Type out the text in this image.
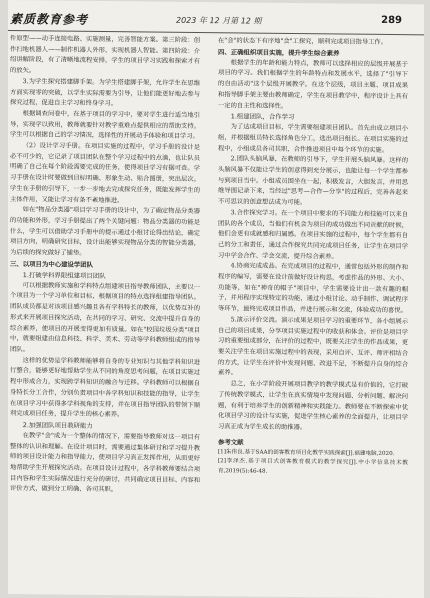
素质教育参考	2023 年 12 月第 12 期	289

件原型——动手连接电路、实施测量，完善智能方案。第三阶段：创作扫地机器人——制作机器人外形，实现机器人智能。第四阶段：介绍讲解阶段，有了清晰地流程安排，学生的项目学习实践和探索才有的放矢。

3.为学生探究搭建脚手架。为学生搭建脚手架，允许学生在思维方面实现零的突破，以学生实际需要为引导，让他们能更好地去参与探究过程，促进自主学习和终身学习。

根据调查问卷中，在基于项目的学习中，要对学生进行适当地引导，实现学以致用，教师就要针对教学重难点提供相应的帮助支持。学生可以根据自己的学习情况，选择性的开展动手体验和项目学习。

（2）设计学习手册。在项目实施的过程中，学习手册的设计是必不可少的，它记录了项目团队在整个学习过程中的点滴，也让队员明确了自己在每个阶段需要完成的任务，使得项目学习有据可查。学习手册在设计时要做到目标明确、形象生动、贴合图册，突出层次。学生在手册的引导下，一步一步地去完成探究任务，既能发挥学生的主体作用，又能让学习有条不紊地推进。

如在"物品分类器"项目学习手册的设计中，为了确定物品分类器的功能和外形，学习手册提出了两个关键问题：物品分类器的功能是什么，学生可以借助学习手册中的提示通过小组讨论得出结论，确定项目方向，明确研究目标，设计出能够实现物品分类的智能分类器，为后续的探究做好了铺垫。

三、以项目为中心建设学团队
1.打破学科界限组建项目团队

可以根据教师实施和学科特点组建项目指导教师团队，主要以一个项目为一个学习单位和目标，根据项目的特点选择组建指导团队。团队成员都是对该项目感兴趣且各有学科特长的教师，以优势互补的形式来开展项目探究活动，在共同的学习、研究、交流中提升自身的综合素养，使项目的开展变得更加有质量。如在"校园垃圾分类"项目中，就要组建由信息科技、科学、美术、劳动等学科教师组成的指导团队。

这样的优势是学科教师能够将自身的专业知识与其他学科知识进行整合，能够更好地帮助学生从不同的角度思考问题，在项目实施过程中形成合力，实现跨学科知识的融合与迁移。学科教师可以根据自身特长分工合作，分别负责项目中各学科知识和技能的指导，让学生在项目学习中获得多学科视角的支持，并在项目指导团队的带领下顺利完成项目任务，提升学生的核心素养。

2.加强团队项目教研能力

在教学"会"成为一个整体的情况下，需要指导教师对这一项目有整体的认识和理解。在设计项目时，需要通过集体研讨和学习提升教师的项目设计能力和指导能力，使项目学习真正发挥作用，从而更好地帮助学生开展探究活动。在项目设计过程中，各学科教师要结合项目内容和学生实际情况进行充分的研讨，共同确定项目目标、内容和评价方式，做到分工明确、各司其职。

在"会"的状态下有序地"会"工探究，顺利完成项目指导工作。

四、正确组织项目实施，提升学生综合素养

根据学生的年龄和能力特点，教师可以选择相应的层级开展基于项目的学习。我们根据学生的年龄特点和发展水平，选择了"引导下的自由活动"这个层级开展教学。在这个层级，项目主题、项目成果和指导脚手架主要由教师确定，学生在项目教学中，程序设计上具有一定的自主性和选择性。

1.组建团队，合作学习

为了达成项目目标，学生需要组建项目团队。首先由成立项目小组，并根据组员特长选择角色分工，选出项目组长。在项目实施的过程中，小组成员各司其职，合作推进项目中每个环节的实施。

2.团队头脑风暴，在教师的引导下，学生开展头脑风暴。这样的头脑风暴不仅能让学生的创意得到充分展示，也能让每一个学生都参与到项目当中。小组成员围坐在一起，积极发言，大胆发言，并用思维导图记录下来，当经过"思考—合作—分享"的过程后，完善各起来不可思议的创意想法成为可能。

3.合作探究学习。在一个项目中要求的不同能力和技能可以来自团队的各个成员，当他们有机会为项目的成功做出不同贡献的时候，他们会更有成就感和归属感。在项目实施的过程中，每个学生都有自己的分工和责任，通过合作探究共同完成项目任务，让学生在项目学习中学会合作、学会交流，提升综合素养。

4.协商完成成品。在完成项目的过程中，通常包括外形的制作和程序的编写，需要在设计前做好设计构思，考虑作品的外形、大小、功能等，如在"神奇的帽子"项目中，学生需要设计出一款有趣的帽子，并用程序实现特定的功能，通过小组讨论、动手制作、调试程序等环节，最终完成项目作品，并进行展示和交流，体验成功的喜悦。

5.演示评价交流。演示成果是项目学习的重要环节，各小组展示自己的项目成果，分享项目实施过程中的收获和体会。评价是项目学习的重要组成部分，在评价的过程中，既要关注学生的作品成果，更要关注学生在项目实施过程中的表现，采用自评、互评、师评相结合的方式，让学生在评价中发现问题、改进不足，不断提升自身的综合素养。

总之，在小学阶段开展项目教学的教学模式是有价值的，它打破了传统教学模式，让学生在真实情境中发现问题、分析问题、解决问题，有利于培养学生的创新精神和实践能力。教师要在不断探索中优化项目学习的设计与实施，促进学生核心素养的全面提升，让项目学习真正成为学生成长的助推器。

参考文献

[1]朱伟良.基于SAA的创客教育项目化教学实践探索[J].福建电脑,2020.

[2]李泽杰.基于项目式创客教育模式的教学探究[J].中小学信息技术教育,2019(5):46-48.
